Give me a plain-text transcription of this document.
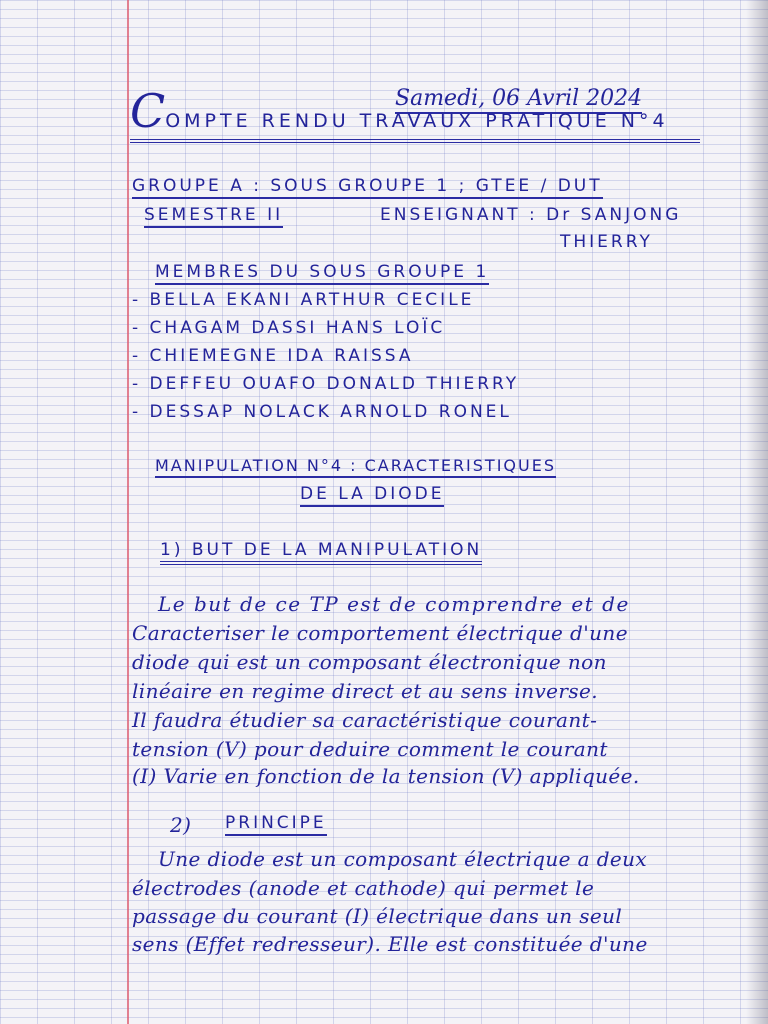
Samedi, 06 Avril 2024
COMPTE RENDU TRAVAUX PRATIQUE N°4
GROUPE A : SOUS GROUPE 1 ; GTEE / DUT
SEMESTRE II	ENSEIGNANT : Dr SANJONG
THIERRY
MEMBRES DU SOUS GROUPE 1
- BELLA EKANI ARTHUR CECILE
- CHAGAM DASSI HANS LOÏC
- CHIEMEGNE IDA RAISSA
- DEFFEU OUAFO DONALD THIERRY
- DESSAP NOLACK ARNOLD RONEL
MANIPULATION N°4 : CARACTERISTIQUES
DE LA DIODE
1) BUT DE LA MANIPULATION
Le but de ce TP est de comprendre et de
Caracteriser le comportement électrique d'une
diode qui est un composant électronique non
linéaire en regime direct et au sens inverse.
Il faudra étudier sa caractéristique courant-
tension (V) pour deduire comment le courant
(I) Varie en fonction de la tension (V) appliquée.
2) PRINCIPE
Une diode est un composant électrique a deux
électrodes (anode et cathode) qui permet le
passage du courant (I) électrique dans un seul
sens (Effet redresseur). Elle est constituée d'une
